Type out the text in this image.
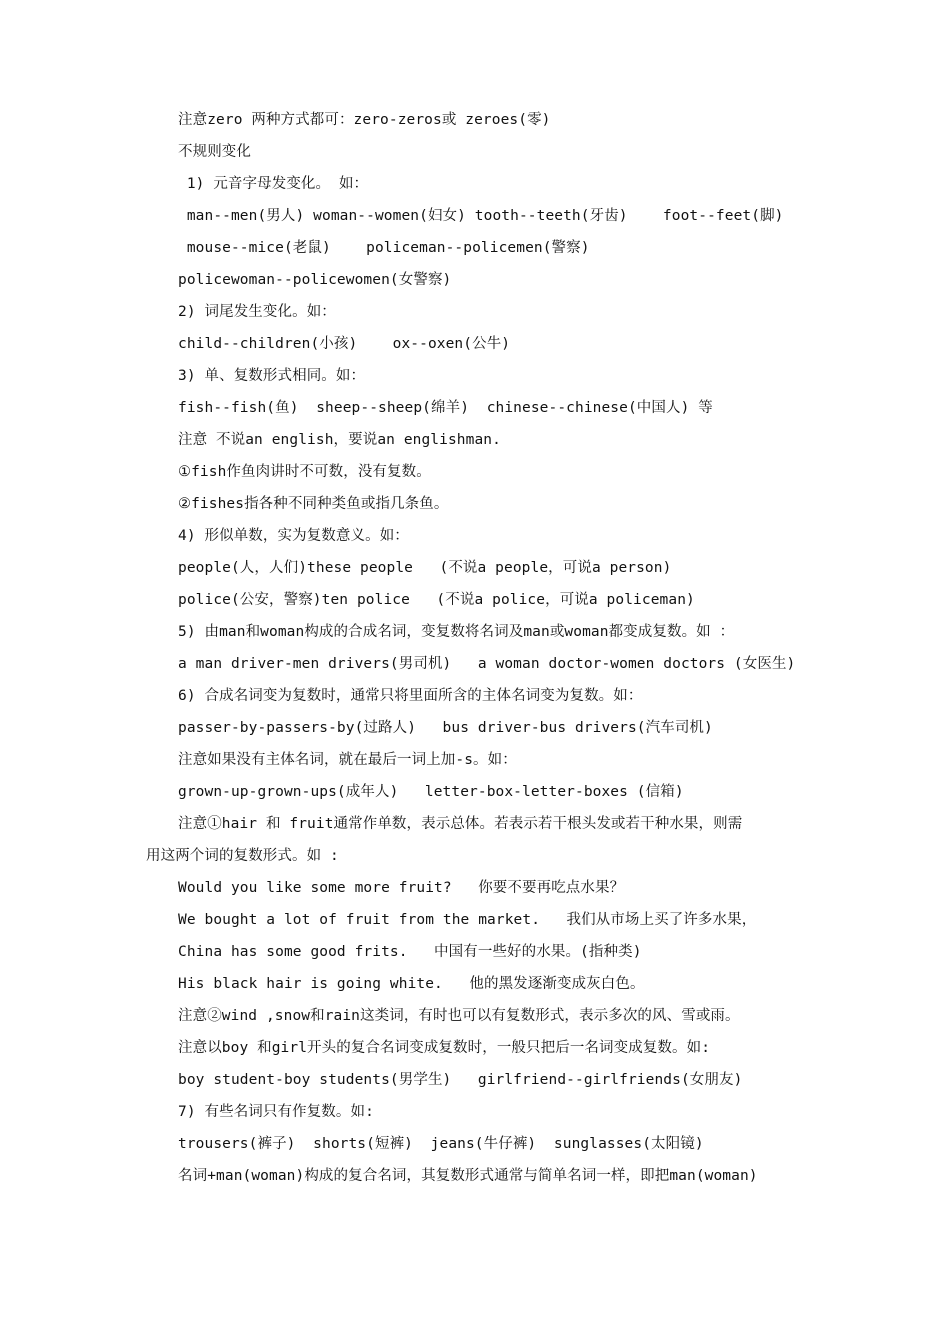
注意zero 两种方式都可：zero-zeros或 zeroes(零)
不规则变化
1) 元音字母发变化。 如：
man--men(男人) woman--women(妇女) tooth--teeth(牙齿)    foot--feet(脚)
mouse--mice(老鼠)    policeman--policemen(警察)
policewoman--policewomen(女警察)
2) 词尾发生变化。如：
child--children(小孩)    ox--oxen(公牛)
3) 单、复数形式相同。如：
fish--fish(鱼)  sheep--sheep(绵羊)  chinese--chinese(中国人) 等
注意 不说an english，要说an englishman.
①fish作鱼肉讲时不可数，没有复数。
②fishes指各种不同种类鱼或指几条鱼。
4) 形似单数，实为复数意义。如：
people(人，人们)these people   (不说a people，可说a person)
police(公安，警察)ten police   (不说a police，可说a policeman)
5) 由man和woman构成的合成名词，变复数将名词及man或woman都变成复数。如 ：
a man driver-men drivers(男司机)   a woman doctor-women doctors (女医生)
6) 合成名词变为复数时，通常只将里面所含的主体名词变为复数。如：
passer-by-passers-by(过路人)   bus driver-bus drivers(汽车司机)
注意如果没有主体名词，就在最后一词上加-s。如：
grown-up-grown-ups(成年人)   letter-box-letter-boxes (信箱)
注意①hair 和 fruit通常作单数，表示总体。若表示若干根头发或若干种水果，则需
用这两个词的复数形式。如 :
Would you like some more fruit?   你要不要再吃点水果？
We bought a lot of fruit from the market.   我们从市场上买了许多水果，
China has some good frits.   中国有一些好的水果。(指种类)
His black hair is going white.   他的黑发逐渐变成灰白色。
注意②wind ,snow和rain这类词，有时也可以有复数形式，表示多次的风、雪或雨。
注意以boy 和girl开头的复合名词变成复数时，一般只把后一名词变成复数。如:
boy student-boy students(男学生)   girlfriend--girlfriends(女朋友)
7) 有些名词只有作复数。如:
trousers(裤子)  shorts(短裤)  jeans(牛仔裤)  sunglasses(太阳镜)
名词+man(woman)构成的复合名词，其复数形式通常与简单名词一样，即把man(woman)
